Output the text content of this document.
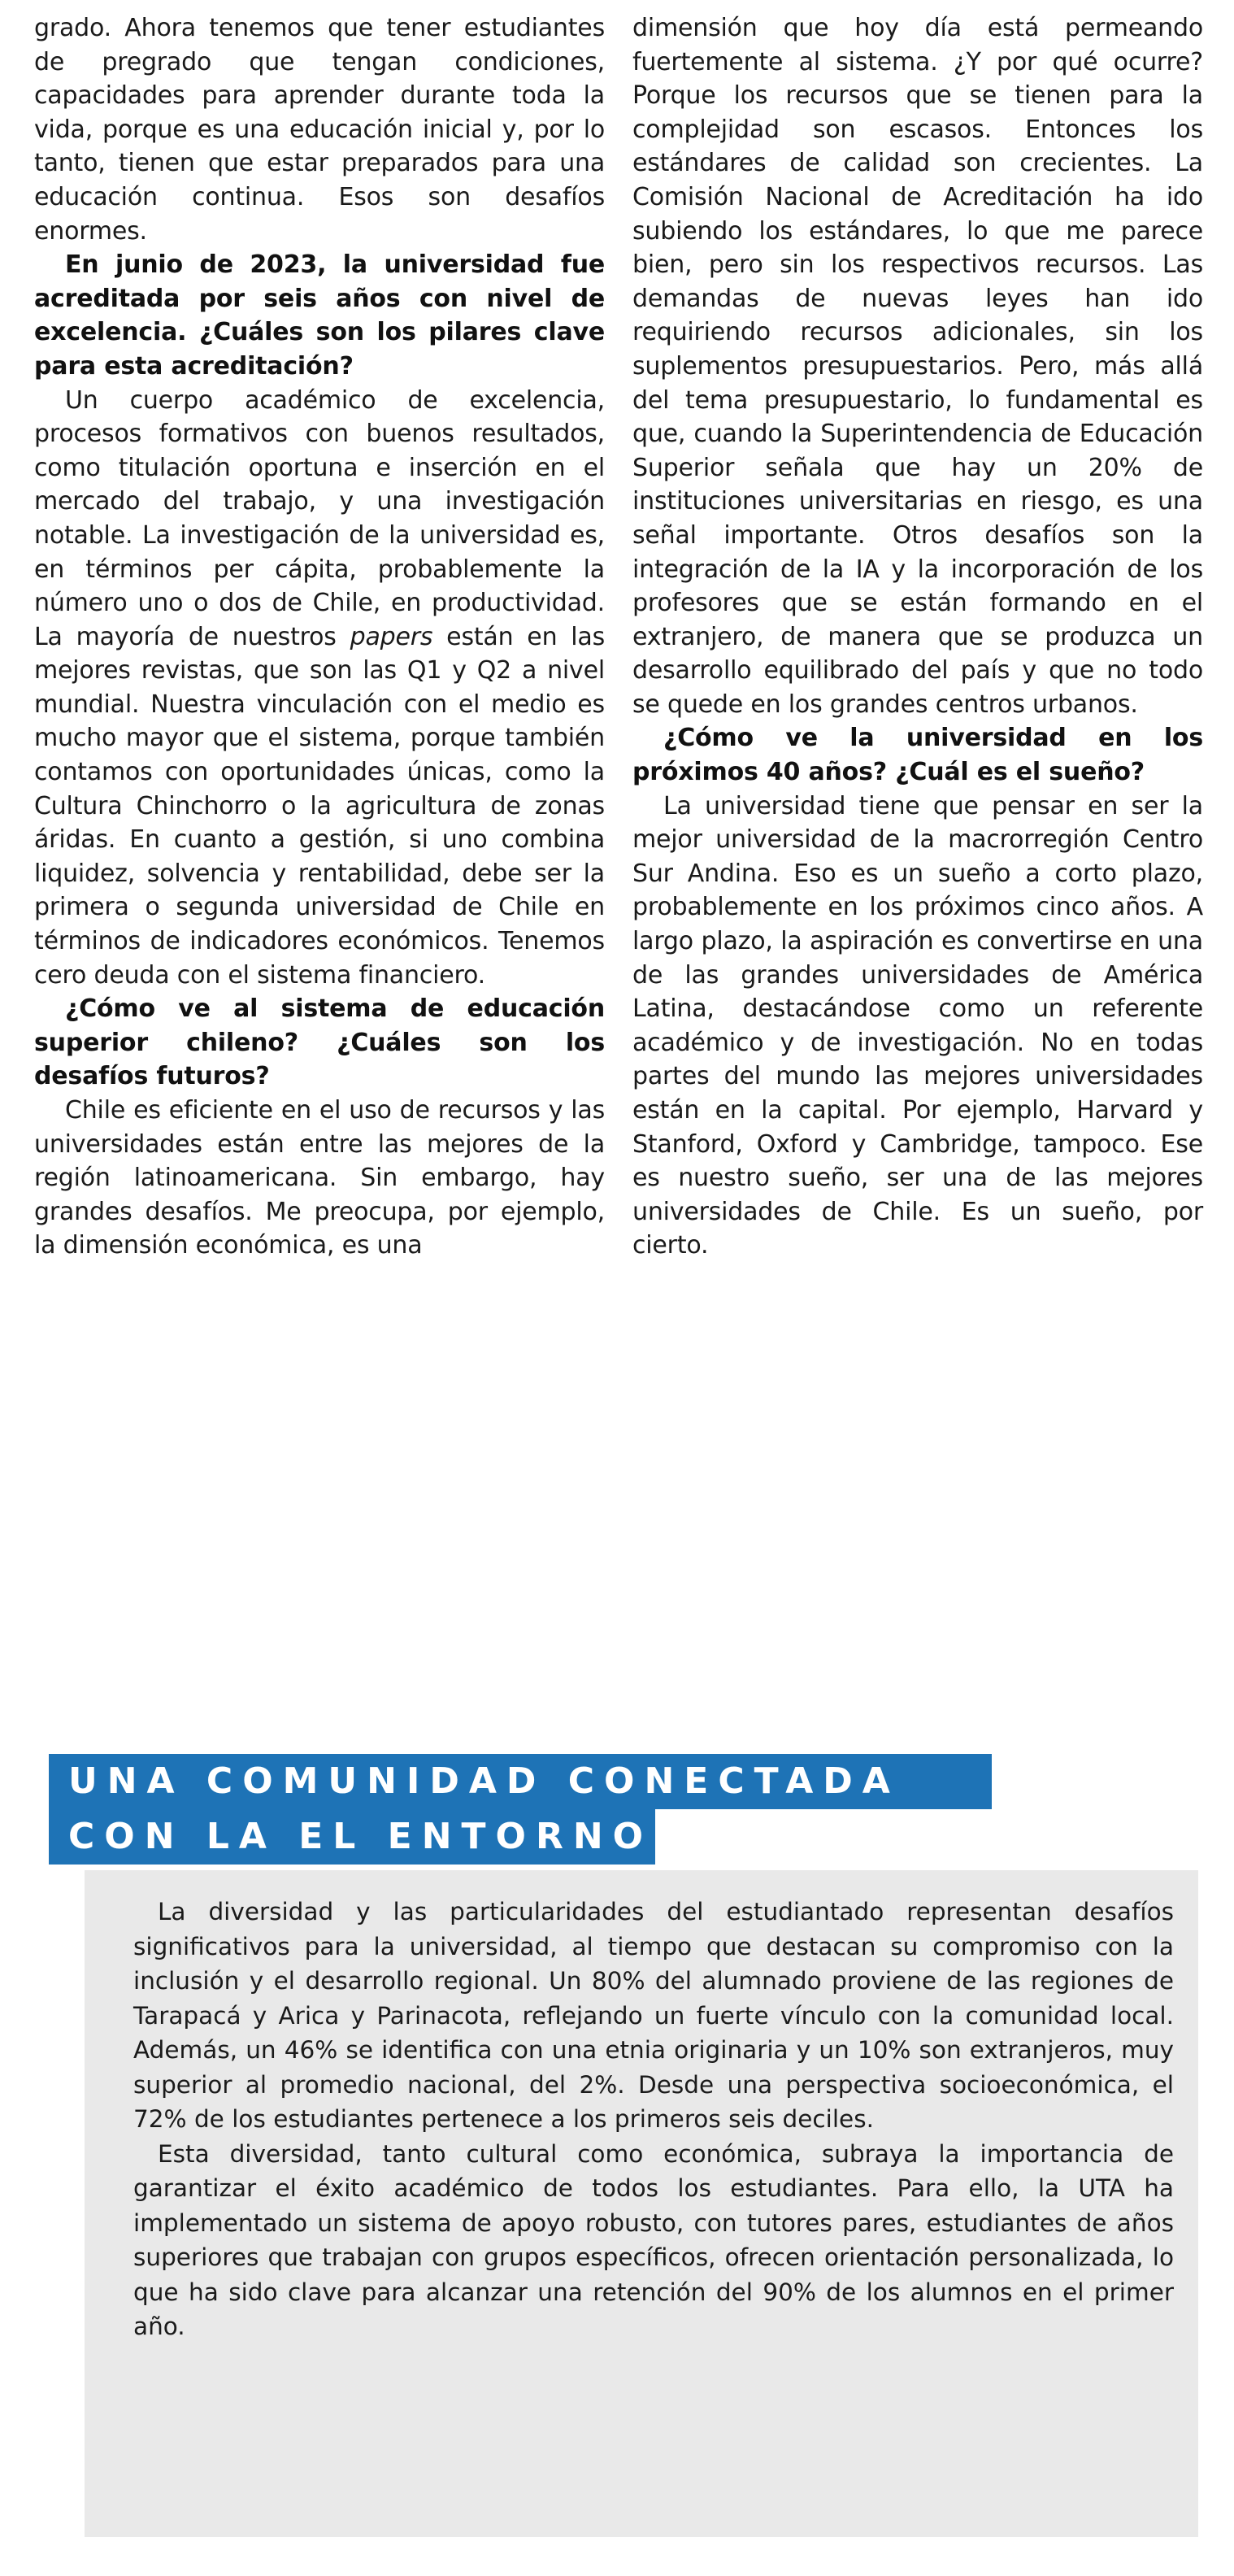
grado. Ahora tenemos que tener estudiantes de pregrado que tengan condiciones, capacidades para aprender durante toda la vida, porque es una educación inicial y, por lo tanto, tienen que estar preparados para una educación continua. Esos son desafíos enormes.

En junio de 2023, la universidad fue acreditada por seis años con nivel de excelencia. ¿Cuáles son los pilares clave para esta acreditación?

Un cuerpo académico de excelencia, procesos formativos con buenos resultados, como titulación oportuna e inserción en el mercado del trabajo, y una investigación notable. La investigación de la universidad es, en términos per cápita, probablemente la número uno o dos de Chile, en productividad. La mayoría de nuestros papers están en las mejores revistas, que son las Q1 y Q2 a nivel mundial. Nuestra vinculación con el medio es mucho mayor que el sistema, porque también contamos con oportunidades únicas, como la Cultura Chinchorro o la agricultura de zonas áridas. En cuanto a gestión, si uno combina liquidez, solvencia y rentabilidad, debe ser la primera o segunda universidad de Chile en términos de indicadores económicos. Tenemos cero deuda con el sistema financiero.

¿Cómo ve al sistema de educación superior chileno? ¿Cuáles son los desafíos futuros?

Chile es eficiente en el uso de recursos y las universidades están entre las mejores de la región latinoamericana. Sin embargo, hay grandes desafíos. Me preocupa, por ejemplo, la dimensión económica, es una

dimensión que hoy día está permeando fuertemente al sistema. ¿Y por qué ocurre? Porque los recursos que se tienen para la complejidad son escasos. Entonces los estándares de calidad son crecientes. La Comisión Nacional de Acreditación ha ido subiendo los estándares, lo que me parece bien, pero sin los respectivos recursos. Las demandas de nuevas leyes han ido requiriendo recursos adicionales, sin los suplementos presupuestarios. Pero, más allá del tema presupuestario, lo fundamental es que, cuando la Superintendencia de Educación Superior señala que hay un 20% de instituciones universitarias en riesgo, es una señal importante. Otros desafíos son la integración de la IA y la incorporación de los profesores que se están formando en el extranjero, de manera que se produzca un desarrollo equilibrado del país y que no todo se quede en los grandes centros urbanos.

¿Cómo ve la universidad en los próximos 40 años? ¿Cuál es el sueño?

La universidad tiene que pensar en ser la mejor universidad de la macrorregión Centro Sur Andina. Eso es un sueño a corto plazo, probablemente en los próximos cinco años. A largo plazo, la aspiración es convertirse en una de las grandes universidades de América Latina, destacándose como un referente académico y de investigación. No en todas partes del mundo las mejores universidades están en la capital. Por ejemplo, Harvard y Stanford, Oxford y Cambridge, tampoco. Ese es nuestro sueño, ser una de las mejores universidades de Chile. Es un sueño, por cierto.

UNA COMUNIDAD CONECTADA
CON LA EL ENTORNO

La diversidad y las particularidades del estudiantado representan desafíos significativos para la universidad, al tiempo que destacan su compromiso con la inclusión y el desarrollo regional. Un 80% del alumnado proviene de las regiones de Tarapacá y Arica y Parinacota, reflejando un fuerte vínculo con la comunidad local. Además, un 46% se identifica con una etnia originaria y un 10% son extranjeros, muy superior al promedio nacional, del 2%. Desde una perspectiva socioeconómica, el 72% de los estudiantes pertenece a los primeros seis deciles.

Esta diversidad, tanto cultural como económica, subraya la importancia de garantizar el éxito académico de todos los estudiantes. Para ello, la UTA ha implementado un sistema de apoyo robusto, con tutores pares, estudiantes de años superiores que trabajan con grupos específicos, ofrecen orientación personalizada, lo que ha sido clave para alcanzar una retención del 90% de los alumnos en el primer año.
